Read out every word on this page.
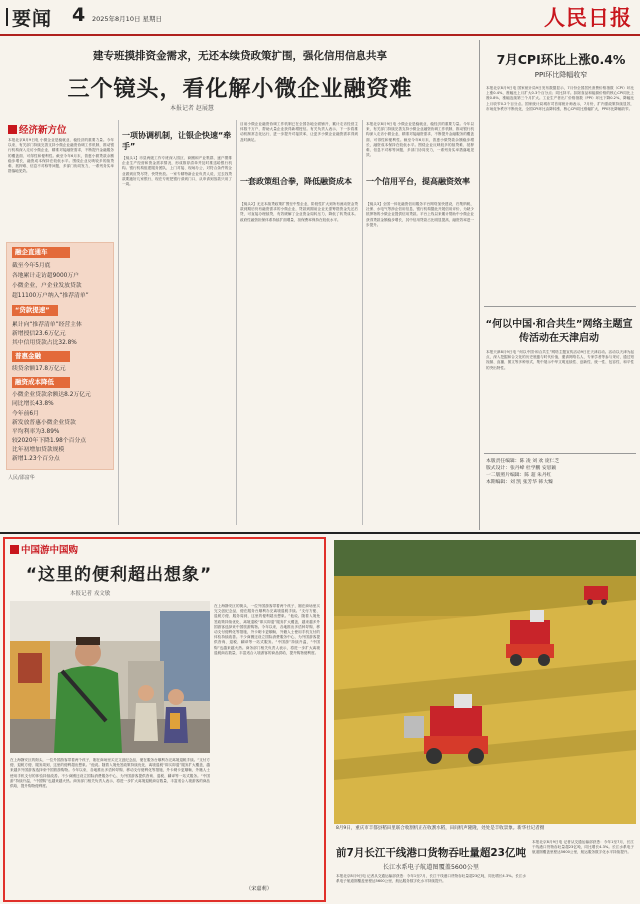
要闻 4 2025年8月10日 星期日	人民日报
建专班摸排资金需求，无还本续贷政策扩围，强化信用信息共享
三个镜头，看化解小微企业融资难
本报记者 赵展慧
经济新方位
本报北京8月9日电 小微企业是稳就业、稳经济的重要力量。今年以来，有关部门持续完善支持小微企业融资协调工作机制，推动银行机构深入走访小微企业，精准对接融资需求，不断提升金融服务的覆盖面、可得性和便利性。截至今年6月末，普惠小微贷款余额稳步增长，融资成本保持在较低水平。围绕企业反映较多的续贷难、抵押难、信息不对称等问题，多部门协同发力，一系列务实举措落地见效。
融企直通车
截至今年5月底
各地累计走访超9000万户
小微企业，户企业发放贷款
超11100万户纳入“推荐清单”
“贷款提速”
普惠金融
累计向“推荐清单”经营主体
新增授信23.6万亿元
其中信用贷款占比32.8%
续贷余额17.8万亿元
融资成本降低
小微企业贷款余额达8.2万亿元
同比增长43.8%
今年前6月
新发放普惠小微企业贷款
平均利率为3.89%
较2020年下降1.98个百分点
比年初增加贷款规模
新增1.23个百分点
人民/邵富华
一项协调机制，让银企快速“牵手”
【镜头1】市县两级工作专班深入园区、商圈和产业集群，逐户摸排企业生产经营和资金需求情况，形成推荐清单并及时推送给银行机构。银行机构组建服务团队，上门对接、现场办公，对符合条件的企业做到应贷尽贷、快贷快放。一家专精特新企业负责人说，过去找贷款要跑好几家银行，现在专班把银行请到门口，从申请到放款只用了一周。
目前小微企业融资协调工作机制已在全国各地全面铺开，累计走访经营主体数千万户，帮助大量企业获得新增授信。有关负责人表示，下一步将推动机制常态化运行，进一步提升对接效率，让更多小微企业融资需求得到及时满足。
一套政策组合拳，降低融资成本
【镜头2】无还本续贷政策扩围至中型企业，阶段性扩大到所有流动资金贷款到期后仍有融资需求的小微企业，贷款到期前企业无需筹措资金先还后贷，可直接办理续贷，有效缓解了企业资金周转压力，降低了转贷成本。政府性融资担保体系持续扩面增量，担保费率保持在较低水平。
一个信用平台，提高融资效率
本报北京8月9日电 小微企业是稳就业、稳经济的重要力量。今年以来，有关部门持续完善支持小微企业融资协调工作机制，推动银行机构深入走访小微企业，精准对接融资需求，不断提升金融服务的覆盖面、可得性和便利性。截至今年6月末，普惠小微贷款余额稳步增长，融资成本保持在较低水平。围绕企业反映较多的续贷难、抵押难、信息不对称等问题，多部门协同发力，一系列务实举措落地见效。
【镜头3】全国一体化融资信用服务平台网络加快建设，归集纳税、社保、水电气等涉企信用信息，银行机构据此开展信用评价，为缺少抵押物的小微企业提供信用贷款。平台上线以来累计帮助中小微企业获得贷款金额稳步增长，其中信用贷款占比明显提高，融资效率进一步提升。
7月CPI环比上涨0.4%
PPI环比降幅收窄
本报北京8月9日电 国家统计局9日发布数据显示，7月份全国居民消费价格指数（CPI）环比上涨0.4%，涨幅比上月扩大0.3个百分点；同比持平。扣除食品和能源价格的核心CPI同比上涨0.8%，涨幅连续第三个月扩大。工业生产者出厂价格指数（PPI）环比下降0.2%，降幅比上月收窄0.2个百分点。国家统计局城市司首席统计师表示，7月份，扩内需政策持续显效，市场竞争秩序不断优化，全国CPI环比由降转涨，核心CPI同比涨幅扩大，PPI环比降幅收窄。
“何以中国·和合共生”网络主题宣传活动在天津启动
本报天津8月9日电 “何以中国·和合共生”网络主题宣传活动9日在天津启动。活动以天津为起点，深入挖掘和合文化的历史底蕴与时代价值，邀请网络名人、专家学者等参与采访，通过短视频、直播、图文等多种形式，集中展示中华文明连续性、创新性、统一性、包容性、和平性的突出特性。
本版责任编辑：陈 凌 刘 欢 庞仁芝
版式设计：张丹峰 杜学鹏 安思颖
一二版照片编辑：陈 超 朱丹红
本期编辑：刘 凯 张芳华 韩大臻
中国游中国购
“这里的便利超出想象”
本报记者 戎文敏
在上海静安区的街头，一位外国游客带着两个孩子，刚在商场里买完文创纪念品，便在服务台顺利办完离境退税手续。“支付方便、退税方便、服务周到，这里的便利超出想象。”他说。随着入境免签政策持续优化、离境退税“即买即退”服务扩大覆盖，越来越多外国游客选择来中国旅游购物。今年以来，各地推出多语种导购、移动支付便利化等措施，外卡刷卡更顺畅，外籍人士使用手机支付的体验持续改善。不少商圈还设立国际消费服务中心，为外国游客提供咨询、退税、翻译等一站式服务。“中国游”持续升温，“中国购”也越来越火热。商务部门相关负责人表示，将进一步扩大离境退税商店数量，丰富适合入境游客的商品供给，提升购物便利度。
在上海静安区的街头，一位外国游客带着两个孩子，刚在商场里买完文创纪念品，便在服务台顺利办完离境退税手续。“支付方便、退税方便、服务周到，这里的便利超出想象。”他说。随着入境免签政策持续优化、离境退税“即买即退”服务扩大覆盖，越来越多外国游客选择来中国旅游购物。今年以来，各地推出多语种导购、移动支付便利化等措施，外卡刷卡更顺畅，外籍人士使用手机支付的体验持续改善。不少商圈还设立国际消费服务中心，为外国游客提供咨询、退税、翻译等一站式服务。“中国游”持续升温，“中国购”也越来越火热。商务部门相关负责人表示，将进一步扩大离境退税商店数量，丰富适合入境游客的商品供给，提升购物便利度。
（宋嘉莉）
8月9日，重庆市丰都县稻田里联合收割机正在收割水稻，田间机声隆隆，处处是丰收景象。新华社记者摄
前7月长江干线港口货物吞吐量超23亿吨
长江水系电子航道图覆盖5600公里
本报北京8月9日电 记者从交通运输部获悉：今年1至7月，长江干线港口货物吞吐量超23亿吨，同比增长4.3%。长江水系电子航道图覆盖里程达5600公里，航运服务数字化水平持续提升。
本报北京8月9日电 记者从交通运输部获悉：今年1至7月，长江干线港口货物吞吐量超23亿吨，同比增长4.3%。长江水系电子航道图覆盖里程达5600公里，航运服务数字化水平持续提升。
